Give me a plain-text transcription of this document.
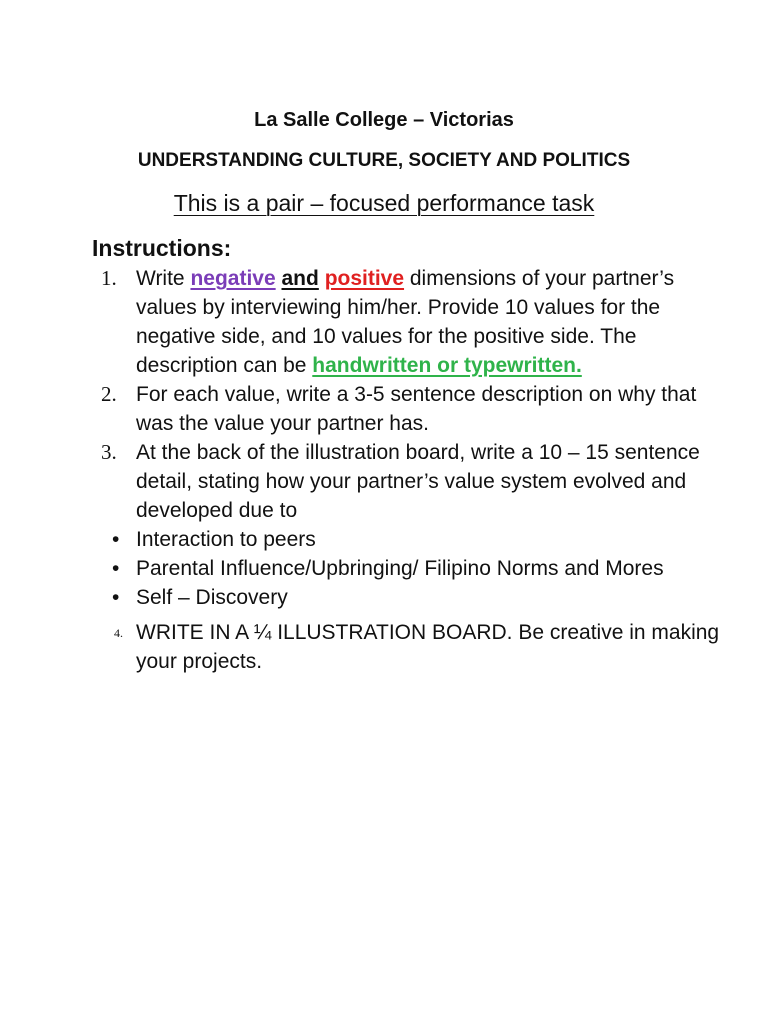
La Salle College – Victorias
UNDERSTANDING CULTURE, SOCIETY AND POLITICS
This is a pair – focused performance task
Instructions:
1. Write negative and positive dimensions of your partner’s values by interviewing him/her. Provide 10 values for the negative side, and 10 values for the positive side. The description can be handwritten or typewritten.
2. For each value, write a 3-5 sentence description on why that was the value your partner has.
3. At the back of the illustration board, write a 10 – 15 sentence detail, stating how your partner’s value system evolved and developed due to
• Interaction to peers
• Parental Influence/Upbringing/ Filipino Norms and Mores
• Self – Discovery
4. WRITE IN A ¼ ILLUSTRATION BOARD. Be creative in making your projects.
